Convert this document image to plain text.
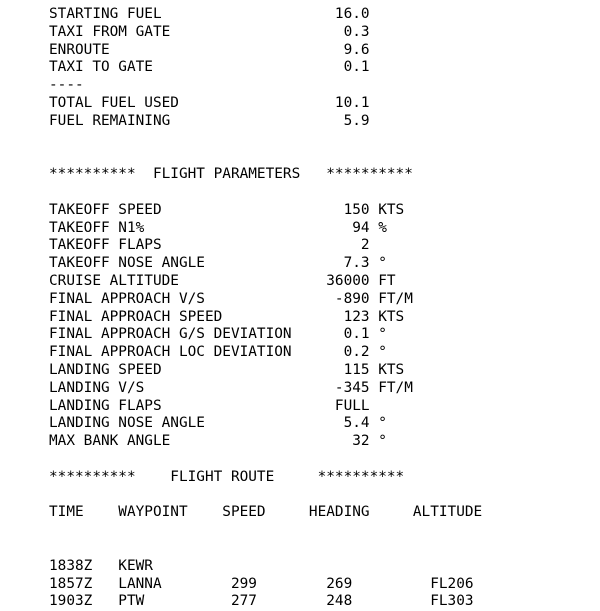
STARTING FUEL                    16.0
TAXI FROM GATE                    0.3
ENROUTE                           9.6
TAXI TO GATE                      0.1
----
TOTAL FUEL USED                  10.1
FUEL REMAINING                    5.9

**********  FLIGHT PARAMETERS   **********

TAKEOFF SPEED                     150 KTS
TAKEOFF N1%                        94 %
TAKEOFF FLAPS                       2
TAKEOFF NOSE ANGLE                7.3 °
CRUISE ALTITUDE                 36000 FT
FINAL APPROACH V/S               -890 FT/M
FINAL APPROACH SPEED              123 KTS
FINAL APPROACH G/S DEVIATION      0.1 °
FINAL APPROACH LOC DEVIATION      0.2 °
LANDING SPEED                     115 KTS
LANDING V/S                      -345 FT/M
LANDING FLAPS                    FULL
LANDING NOSE ANGLE                5.4 °
MAX BANK ANGLE                     32 °

**********    FLIGHT ROUTE     **********

TIME    WAYPOINT    SPEED     HEADING     ALTITUDE

1838Z   KEWR
1857Z   LANNA        299        269         FL206
1903Z   PTW          277        248         FL303
